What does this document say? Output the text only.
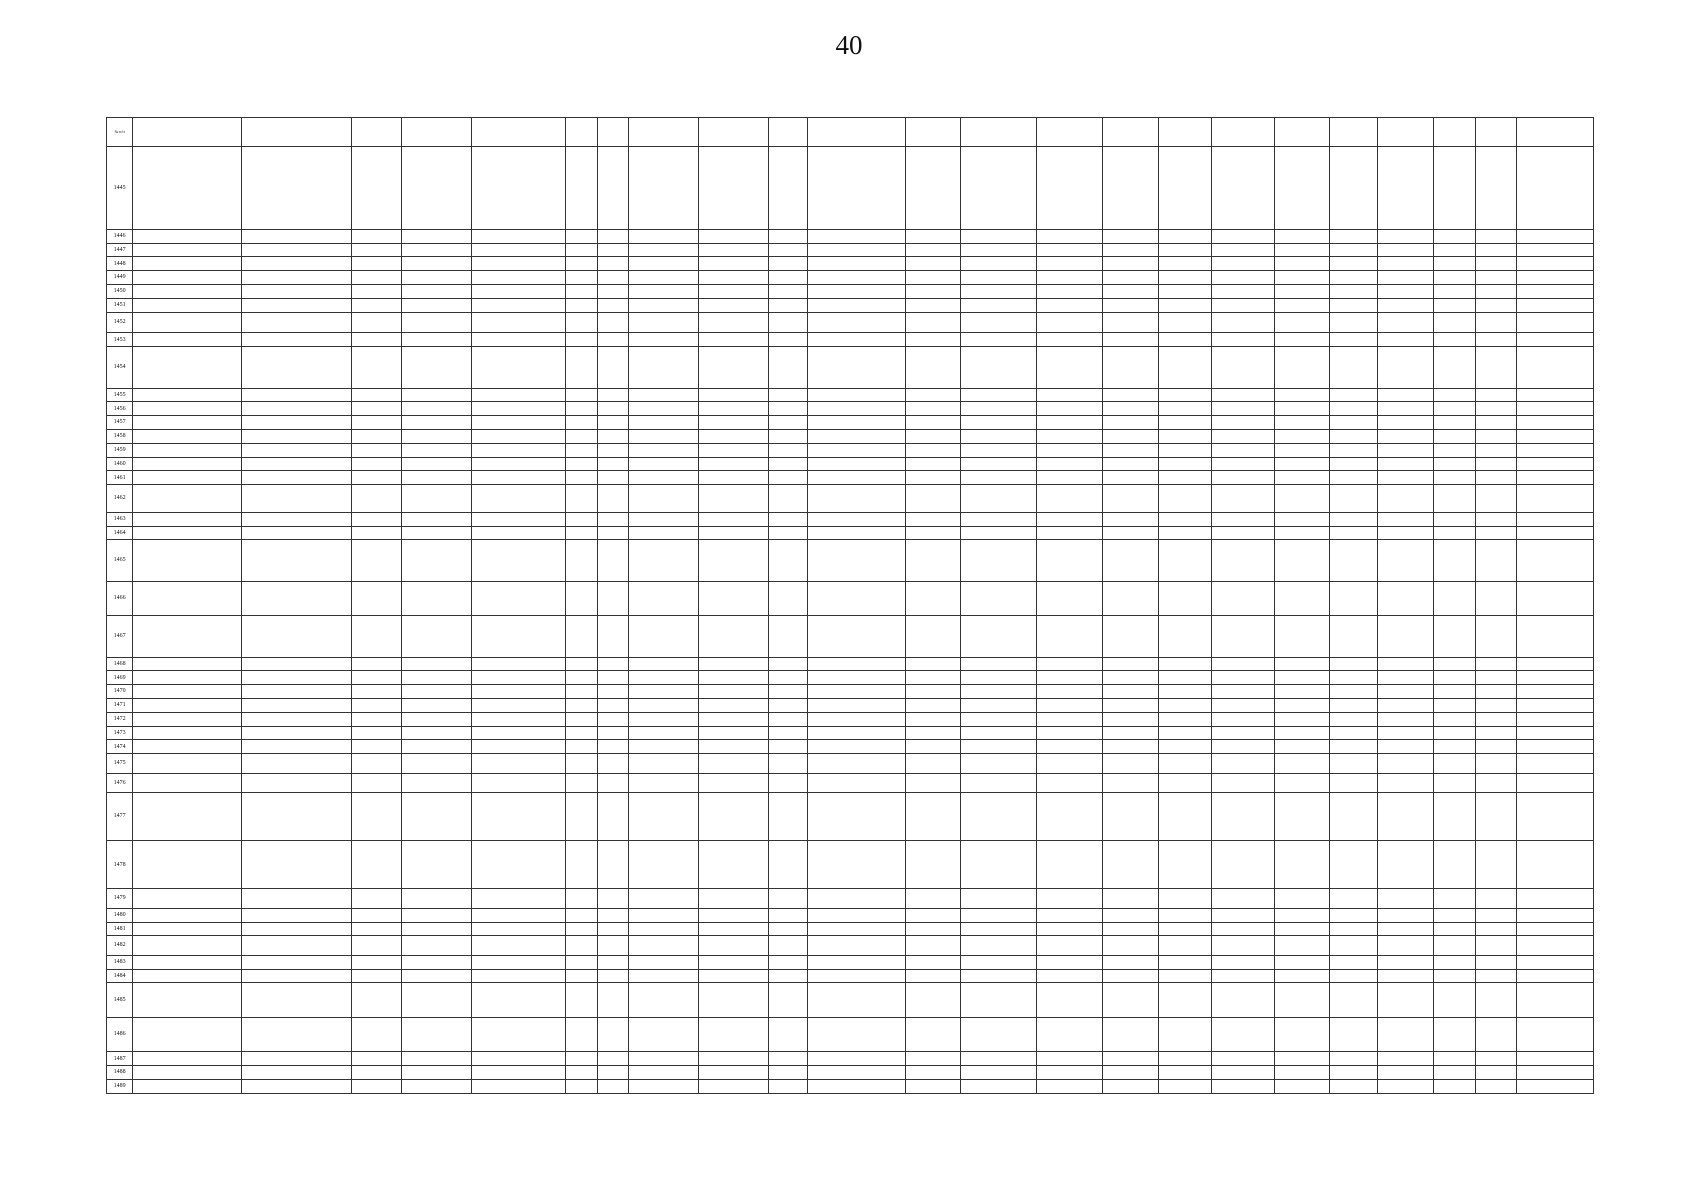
40
№ п/п																							
1445																							
1446																							
1447																							
1448																							
1449																							
1450																							
1451																							
1452																							
1453																							
1454																							
1455																							
1456																							
1457																							
1458																							
1459																							
1460																							
1461																							
1462																							
1463																							
1464																							
1465																							
1466																							
1467																							
1468																							
1469																							
1470																							
1471																							
1472																							
1473																							
1474																							
1475																							
1476																							
1477																							
1478																							
1479																							
1480																							
1481																							
1482																							
1483																							
1484																							
1485																							
1486																							
1487																							
1488																							
1489																							
